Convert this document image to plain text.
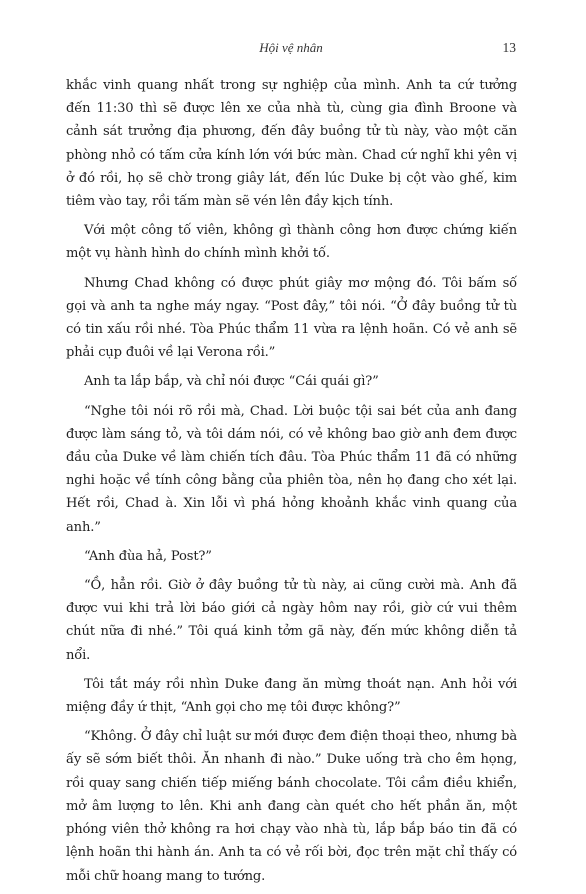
Hội vệ nhân	13

khắc vinh quang nhất trong sự nghiệp của mình. Anh ta cứ tưởng đến 11:30 thì sẽ được lên xe của nhà tù, cùng gia đình Broone và cảnh sát trưởng địa phương, đến đây buồng tử tù này, vào một căn phòng nhỏ có tấm cửa kính lớn với bức màn. Chad cứ nghĩ khi yên vị ở đó rồi, họ sẽ chờ trong giây lát, đến lúc Duke bị cột vào ghế, kim tiêm vào tay, rồi tấm màn sẽ vén lên đầy kịch tính.

Với một công tố viên, không gì thành công hơn được chứng kiến một vụ hành hình do chính mình khởi tố.

Nhưng Chad không có được phút giây mơ mộng đó. Tôi bấm số gọi và anh ta nghe máy ngay. “Post đây,” tôi nói. “Ở đây buồng tử tù có tin xấu rồi nhé. Tòa Phúc thẩm 11 vừa ra lệnh hoãn. Có vẻ anh sẽ phải cụp đuôi về lại Verona rồi.”

Anh ta lắp bắp, và chỉ nói được “Cái quái gì?”

“Nghe tôi nói rõ rồi mà, Chad. Lời buộc tội sai bét của anh đang được làm sáng tỏ, và tôi dám nói, có vẻ không bao giờ anh đem được đầu của Duke về làm chiến tích đâu. Tòa Phúc thẩm 11 đã có những nghi hoặc về tính công bằng của phiên tòa, nên họ đang cho xét lại. Hết rồi, Chad à. Xin lỗi vì phá hỏng khoảnh khắc vinh quang của anh.”

“Anh đùa hả, Post?”

“Ồ, hẳn rồi. Giờ ở đây buồng tử tù này, ai cũng cười mà. Anh đã được vui khi trả lời báo giới cả ngày hôm nay rồi, giờ cứ vui thêm chút nữa đi nhé.” Tôi quá kinh tởm gã này, đến mức không diễn tả nổi.

Tôi tắt máy rồi nhìn Duke đang ăn mừng thoát nạn. Anh hỏi với miệng đầy ứ thịt, “Anh gọi cho mẹ tôi được không?”

“Không. Ở đây chỉ luật sư mới được đem điện thoại theo, nhưng bà ấy sẽ sớm biết thôi. Ăn nhanh đi nào.” Duke uống trà cho êm họng, rồi quay sang chiến tiếp miếng bánh chocolate. Tôi cầm điều khiển, mở âm lượng to lên. Khi anh đang càn quét cho hết phần ăn, một phóng viên thở không ra hơi chạy vào nhà tù, lắp bắp báo tin đã có lệnh hoãn thi hành án. Anh ta có vẻ rối bời, đọc trên mặt chỉ thấy có mỗi chữ hoang mang to tướng.
